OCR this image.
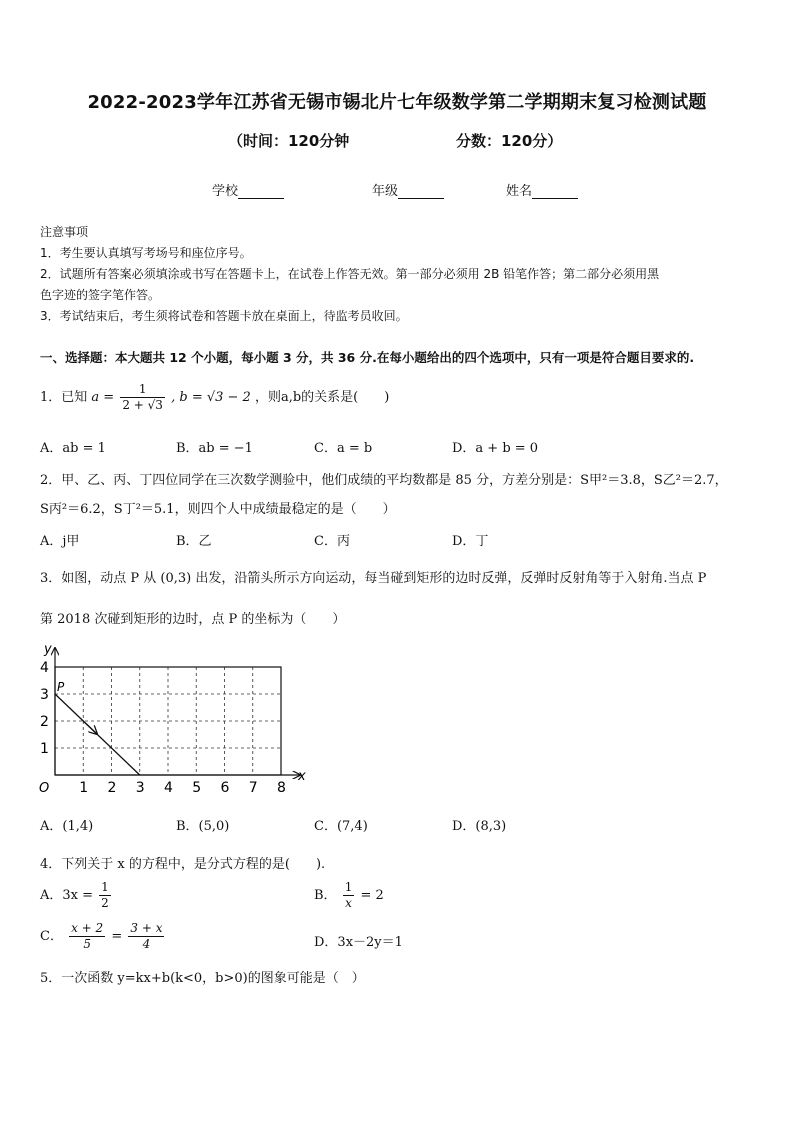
2022-2023学年江苏省无锡市锡北片七年级数学第二学期期末复习检测试题
（时间：120分钟	分数：120分）
学校	年级	姓名
注意事项
1．考生要认真填写考场号和座位序号。
2．试题所有答案必须填涂或书写在答题卡上，在试卷上作答无效。第一部分必须用 2B 铅笔作答；第二部分必须用黑
色字迹的签字笔作答。
3．考试结束后，考生须将试卷和答题卡放在桌面上，待监考员收回。
一、选择题：本大题共 12 个小题，每小题 3 分，共 36 分.在每小题给出的四个选项中，只有一项是符合题目要求的.
1．已知 $a = \frac{1}{2 + √3}$ , b = √3 − 2 ，则a,b的关系是(　　)
A．ab = 1	B．ab = −1	C．a = b	D．a + b = 0
2．甲、乙、丙、丁四位同学在三次数学测验中，他们成绩的平均数都是 85 分，方差分别是：S甲²＝3.8，S乙²＝2.7，
S丙²＝6.2，S丁²＝5.1，则四个人中成绩最稳定的是（　　）
A．j甲	B．乙	C．丙	D．丁
3．如图，动点 P 从 (0,3) 出发，沿箭头所示方向运动，每当碰到矩形的边时反弹，反弹时反射角等于入射角.当点 P
第 2018 次碰到矩形的边时，点 P 的坐标为（　　）
x
y
O
P
1 2 3 4 5 6 7 8
1
2
3
4
A．(1,4)	B．(5,0)	C．(7,4)	D．(8,3)
4．下列关于 x 的方程中，是分式方程的是(　　).
A．$3x = \frac{1}{2}$	B． $\frac{1}{x} = 2$
C． $\frac{x + 2}{5} = \frac{3 + x}{4}$	D．3x－2y＝1
5．一次函数 y=kx+b(k<0，b>0)的图象可能是（　）
